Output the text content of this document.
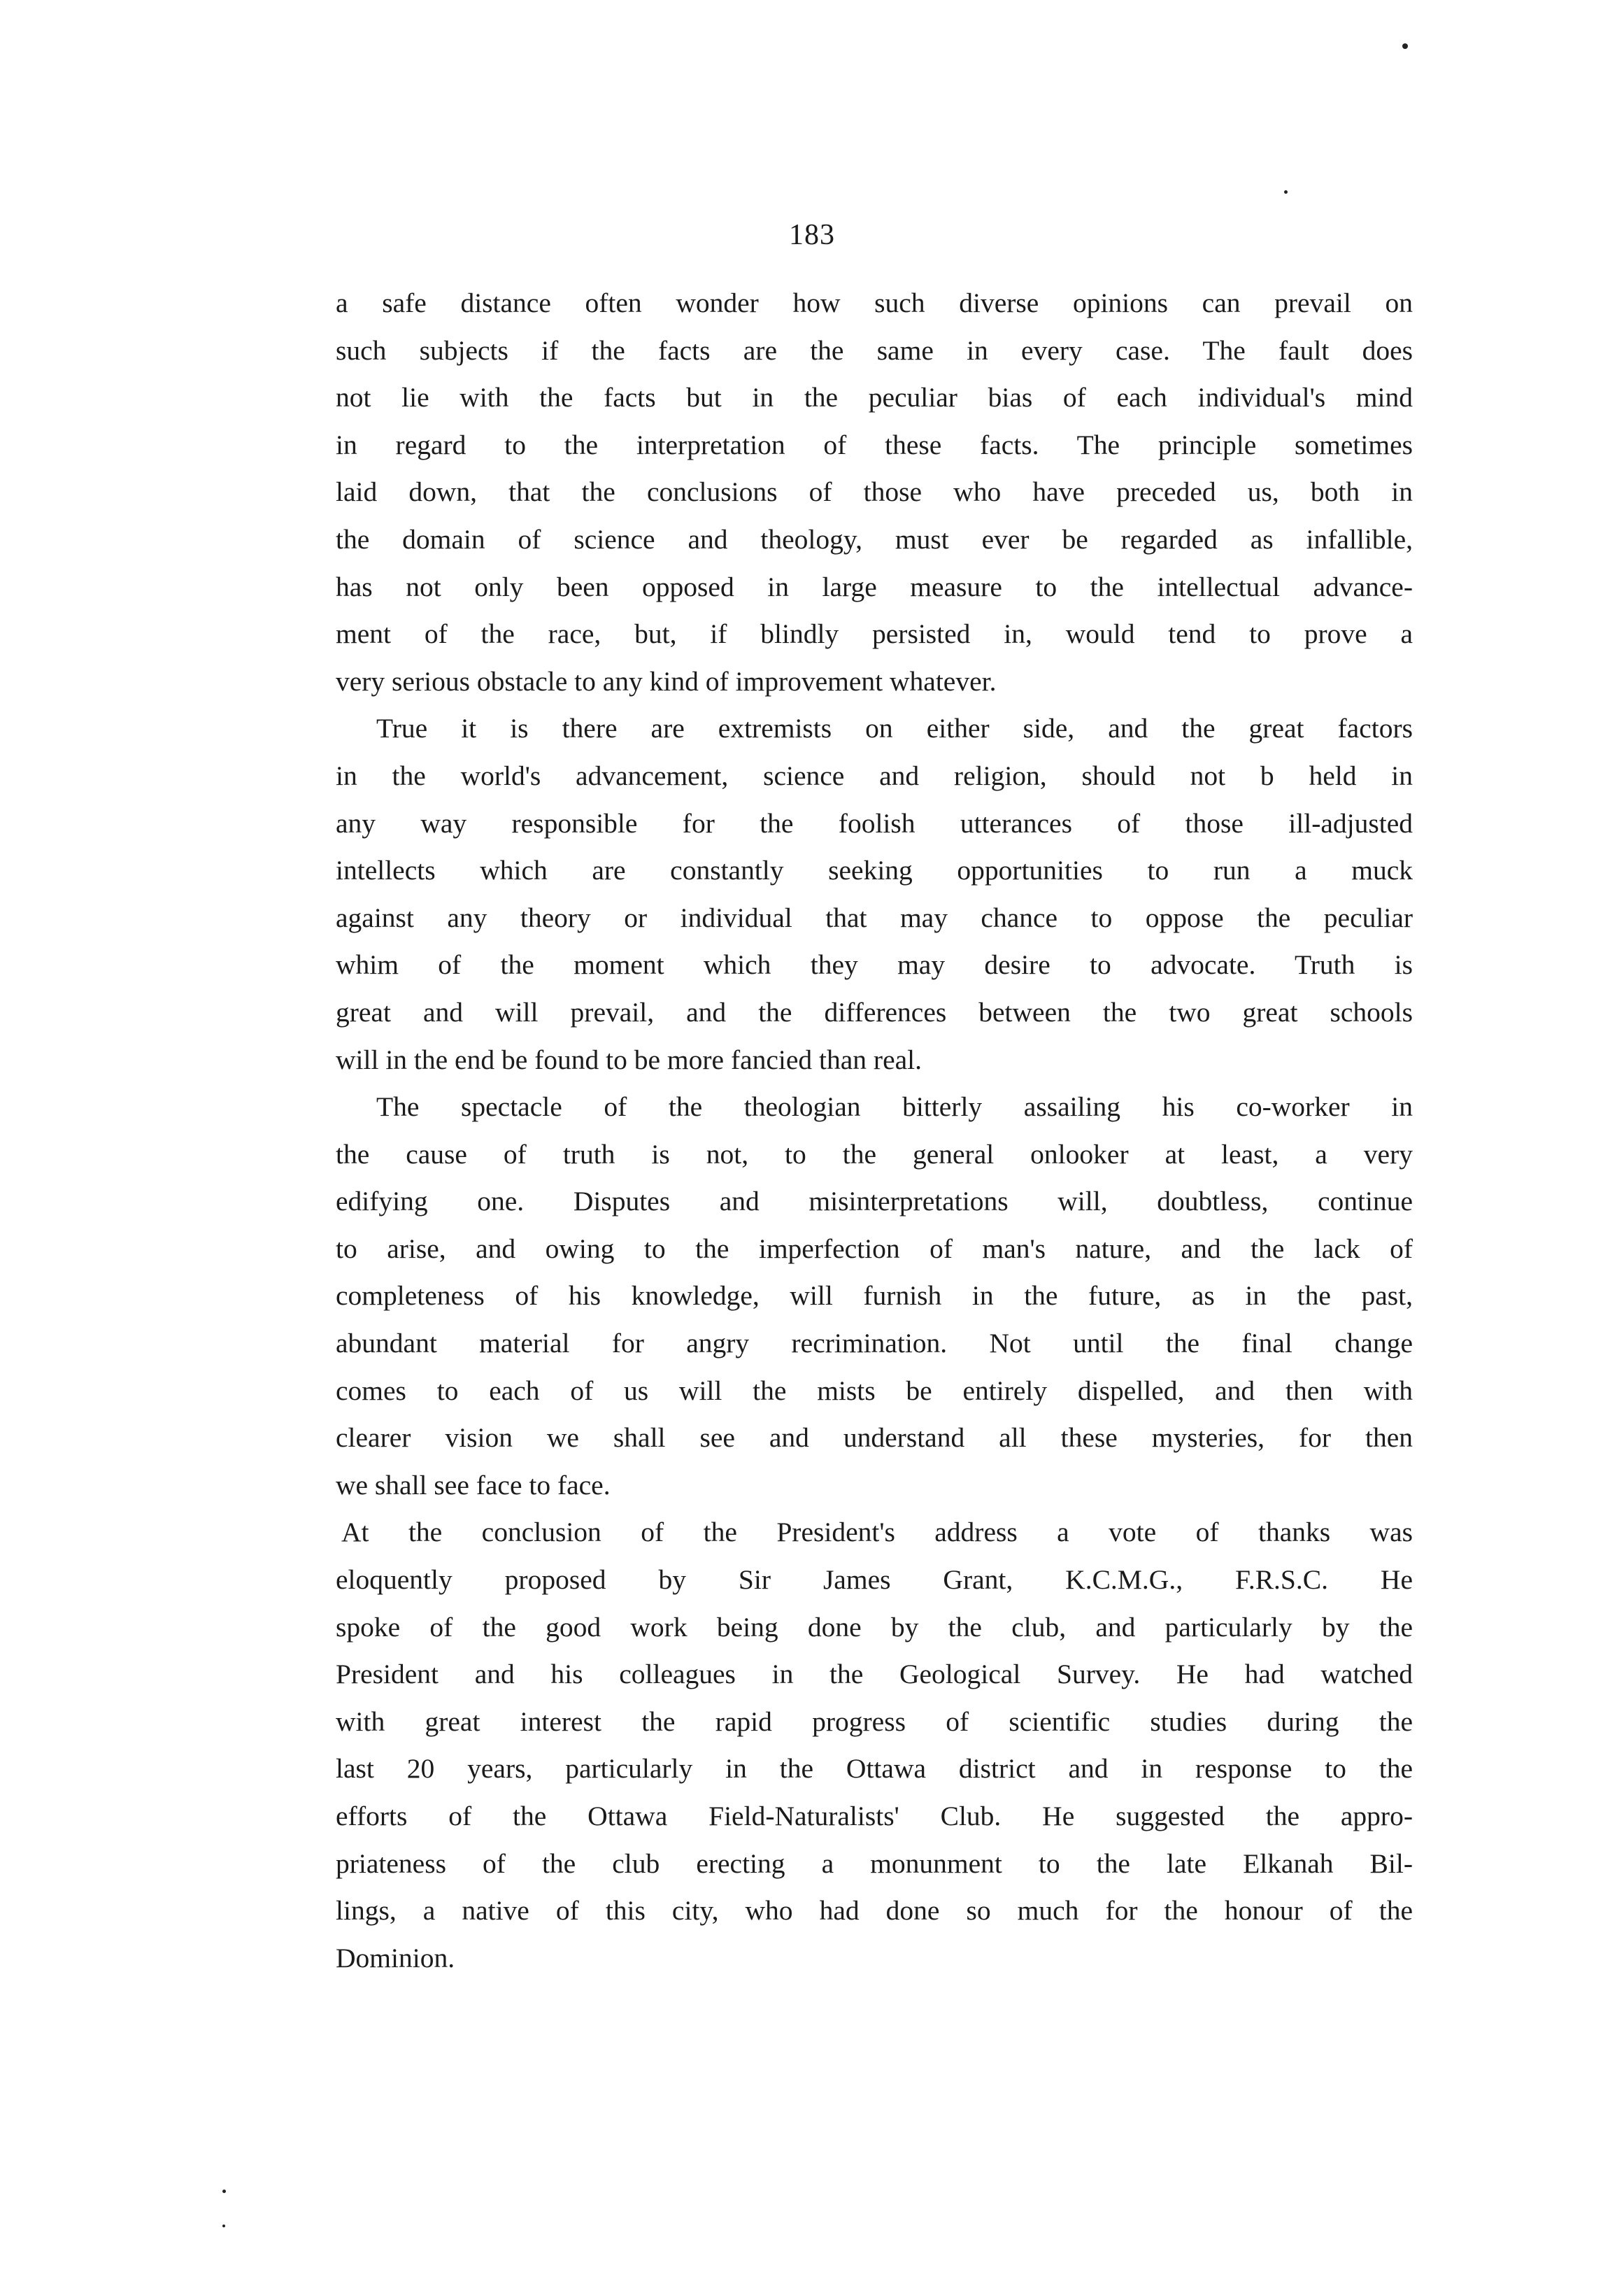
183
a safe distance often wonder how such diverse opinions can prevail on
such subjects if the facts are the same in every case. The fault does
not lie with the facts but in the peculiar bias of each individual's mind
in regard to the interpretation of these facts. The principle sometimes
laid down, that the conclusions of those who have preceded us, both in
the domain of science and theology, must ever be regarded as infallible,
has not only been opposed in large measure to the intellectual advance-
ment of the race, but, if blindly persisted in, would tend to prove a
very serious obstacle to any kind of improvement whatever.
True it is there are extremists on either side, and the great factors
in the world's advancement, science and religion, should not b held in
any way responsible for the foolish utterances of those ill-adjusted
intellects which are constantly seeking opportunities to run a muck
against any theory or individual that may chance to oppose the peculiar
whim of the moment which they may desire to advocate. Truth is
great and will prevail, and the differences between the two great schools
will in the end be found to be more fancied than real.
The spectacle of the theologian bitterly assailing his co-worker in
the cause of truth is not, to the general onlooker at least, a very
edifying one. Disputes and misinterpretations will, doubtless, continue
to arise, and owing to the imperfection of man's nature, and the lack of
completeness of his knowledge, will furnish in the future, as in the past,
abundant material for angry recrimination. Not until the final change
comes to each of us will the mists be entirely dispelled, and then with
clearer vision we shall see and understand all these mysteries, for then
we shall see face to face.
At the conclusion of the President's address a vote of thanks was
eloquently proposed by Sir James Grant, K.C.M.G., F.R.S.C. He
spoke of the good work being done by the club, and particularly by the
President and his colleagues in the Geological Survey. He had watched
with great interest the rapid progress of scientific studies during the
last 20 years, particularly in the Ottawa district and in response to the
efforts of the Ottawa Field-Naturalists' Club. He suggested the appro-
priateness of the club erecting a monunment to the late Elkanah Bil-
lings, a native of this city, who had done so much for the honour of the
Dominion.
